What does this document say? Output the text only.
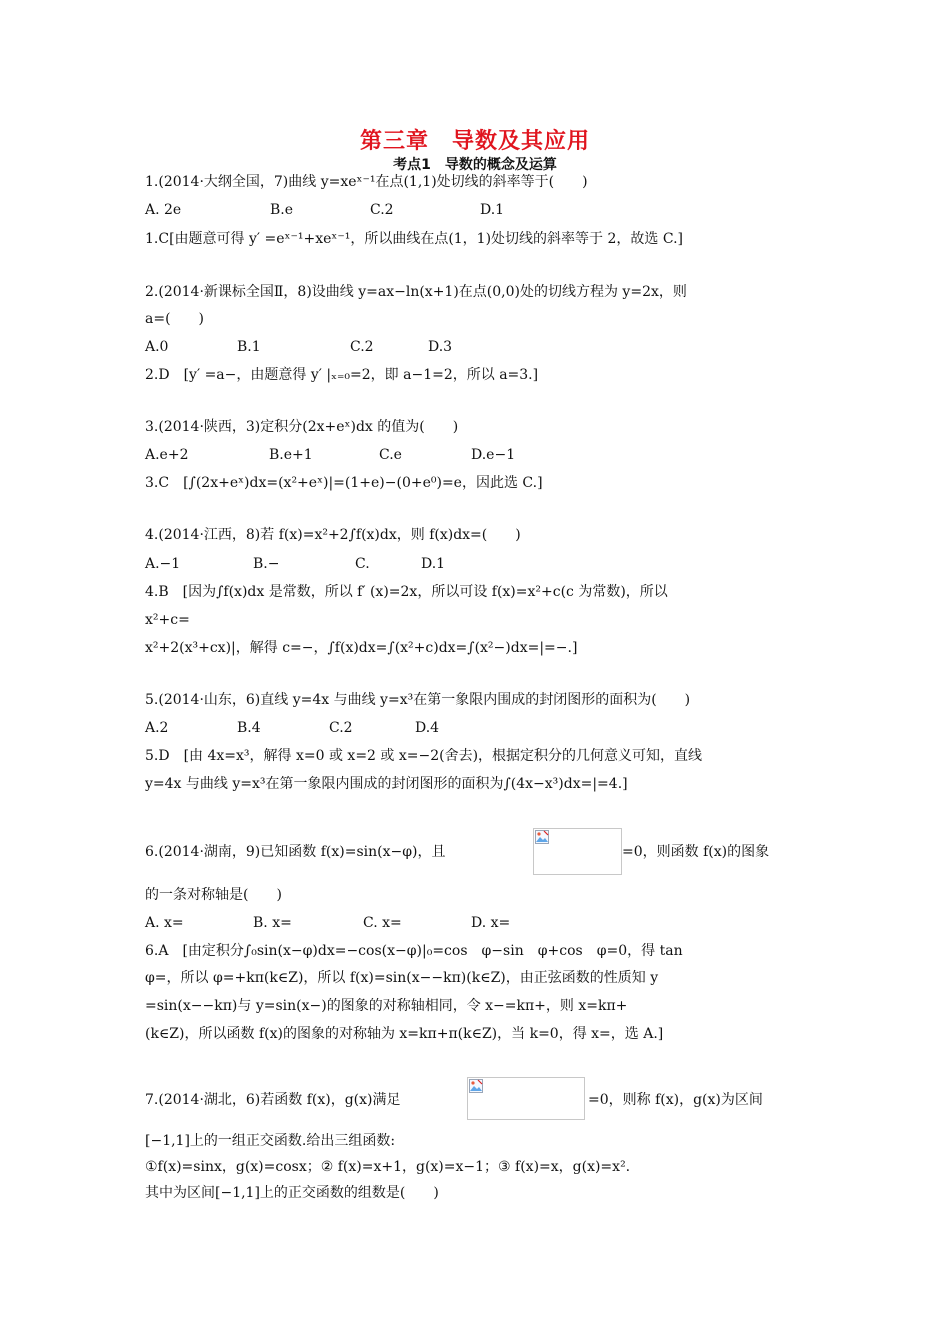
第三章　导数及其应用
考点1　导数的概念及运算
1.(2014·大纲全国，7)曲线 y=xeˣ⁻¹在点(1,1)处切线的斜率等于(　　)
A. 2e	B.e	C.2	D.1
1.C[由题意可得 y′ =eˣ⁻¹+xeˣ⁻¹，所以曲线在点(1，1)处切线的斜率等于 2，故选 C.]
2.(2014·新课标全国Ⅱ，8)设曲线 y=ax−ln(x+1)在点(0,0)处的切线方程为 y=2x，则
a=(　　)
A.0	B.1	C.2	D.3
2.D　[y′ =a−，由题意得 y′ |ₓ₌₀=2，即 a−1=2，所以 a=3.]
3.(2014·陕西，3)定积分(2x+eˣ)dx 的值为(　　)
A.e+2	B.e+1	C.e	D.e−1
3.C　[∫(2x+eˣ)dx=(x²+eˣ)|=(1+e)−(0+e⁰)=e，因此选 C.]
4.(2014·江西，8)若 f(x)=x²+2∫f(x)dx，则 f(x)dx=(　　)
A.−1	B.−	C.	D.1
4.B　[因为∫f(x)dx 是常数，所以 f′ (x)=2x，所以可设 f(x)=x²+c(c 为常数)，所以
x²+c=
x²+2(x³+cx)|，解得 c=−，∫f(x)dx=∫(x²+c)dx=∫(x²−)dx=|=−.]
5.(2014·山东，6)直线 y=4x 与曲线 y=x³在第一象限内围成的封闭图形的面积为(　　)
A.2	B.4	C.2	D.4
5.D　[由 4x=x³，解得 x=0 或 x=2 或 x=−2(舍去)，根据定积分的几何意义可知，直线
y=4x 与曲线 y=x³在第一象限内围成的封闭图形的面积为∫(4x−x³)dx=|=4.]
6.(2014·湖南，9)已知函数 f(x)=sin(x−φ)，且	=0，则函数 f(x)的图象
的一条对称轴是(　　)
A. x=	B. x=	C. x=	D. x=
6.A　[由定积分∫₀sin(x−φ)dx=−cos(x−φ)|₀=cos　φ−sin　φ+cos　φ=0，得 tan
φ=，所以 φ=+kπ(k∈Z)，所以 f(x)=sin(x−−kπ)(k∈Z)，由正弦函数的性质知 y
=sin(x−−kπ)与 y=sin(x−)的图象的对称轴相同，令 x−=kπ+，则 x=kπ+
(k∈Z)，所以函数 f(x)的图象的对称轴为 x=kπ+π(k∈Z)，当 k=0，得 x=，选 A.]
7.(2014·湖北，6)若函数 f(x)，g(x)满足	=0，则称 f(x)，g(x)为区间
[−1,1]上的一组正交函数.给出三组函数:
①f(x)=sinx，g(x)=cosx；② f(x)=x+1，g(x)=x−1；③ f(x)=x，g(x)=x².
其中为区间[−1,1]上的正交函数的组数是(　　)
